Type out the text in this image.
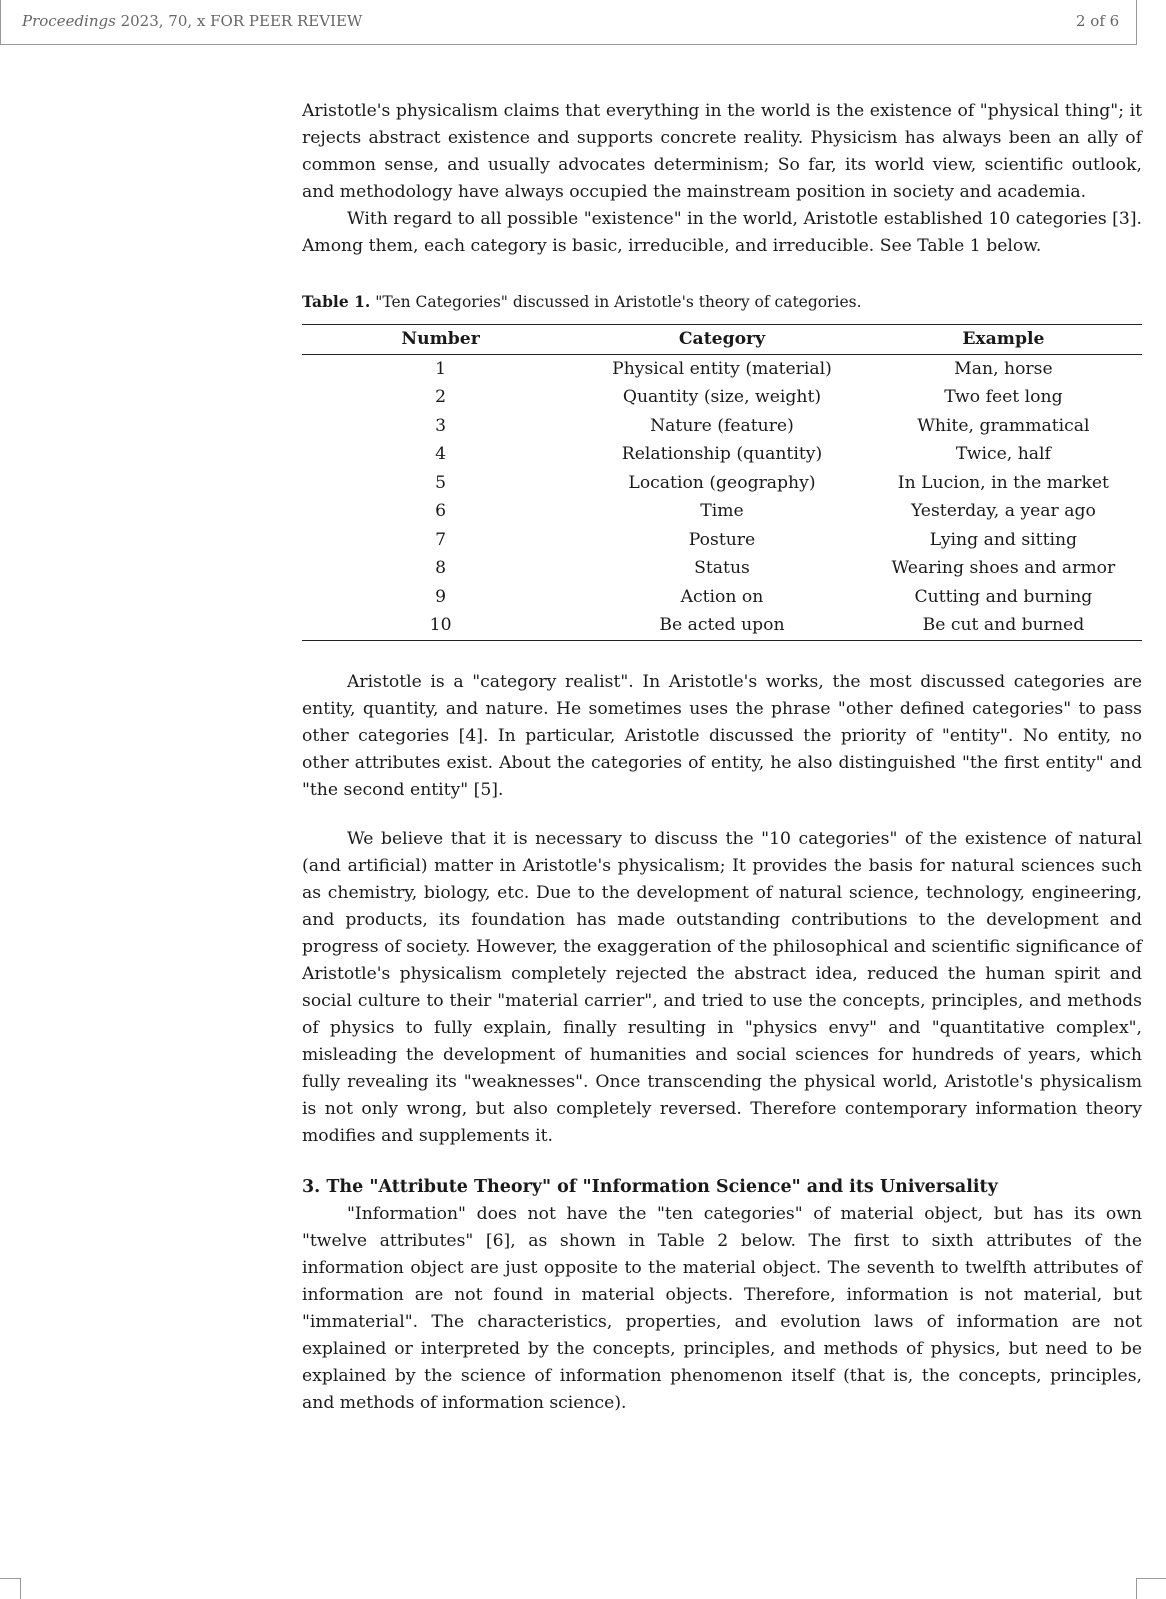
Proceedings 2023, 70, x FOR PEER REVIEW	2 of 6

Aristotle's physicalism claims that everything in the world is the existence of "physical thing"; it rejects abstract existence and supports concrete reality. Physicism has always been an ally of common sense, and usually advocates determinism; So far, its world view, scientific outlook, and methodology have always occupied the mainstream position in society and academia.

With regard to all possible "existence" in the world, Aristotle established 10 categories [3]. Among them, each category is basic, irreducible, and irreducible. See Table 1 below.

Table 1. "Ten Categories" discussed in Aristotle's theory of categories.
Number	Category	Example
1	Physical entity (material)	Man, horse
2	Quantity (size, weight)	Two feet long
3	Nature (feature)	White, grammatical
4	Relationship (quantity)	Twice, half
5	Location (geography)	In Lucion, in the market
6	Time	Yesterday, a year ago
7	Posture	Lying and sitting
8	Status	Wearing shoes and armor
9	Action on	Cutting and burning
10	Be acted upon	Be cut and burned

Aristotle is a "category realist". In Aristotle's works, the most discussed categories are entity, quantity, and nature. He sometimes uses the phrase "other defined categories" to pass other categories [4]. In particular, Aristotle discussed the priority of "entity". No entity, no other attributes exist. About the categories of entity, he also distinguished "the first entity" and "the second entity" [5].

We believe that it is necessary to discuss the "10 categories" of the existence of natural (and artificial) matter in Aristotle's physicalism; It provides the basis for natural sciences such as chemistry, biology, etc. Due to the development of natural science, technology, engineering, and products, its foundation has made outstanding contributions to the development and progress of society. However, the exaggeration of the philosophical and scientific significance of Aristotle's physicalism completely rejected the abstract idea, reduced the human spirit and social culture to their "material carrier", and tried to use the concepts, principles, and methods of physics to fully explain, finally resulting in "physics envy" and "quantitative complex", misleading the development of humanities and social sciences for hundreds of years, which fully revealing its "weaknesses". Once transcending the physical world, Aristotle's physicalism is not only wrong, but also completely reversed. Therefore contemporary information theory modifies and supplements it.

3. The "Attribute Theory" of "Information Science" and its Universality

"Information" does not have the "ten categories" of material object, but has its own "twelve attributes" [6], as shown in Table 2 below. The first to sixth attributes of the information object are just opposite to the material object. The seventh to twelfth attributes of information are not found in material objects. Therefore, information is not material, but "immaterial". The characteristics, properties, and evolution laws of information are not explained or interpreted by the concepts, principles, and methods of physics, but need to be explained by the science of information phenomenon itself (that is, the concepts, principles, and methods of information science).
